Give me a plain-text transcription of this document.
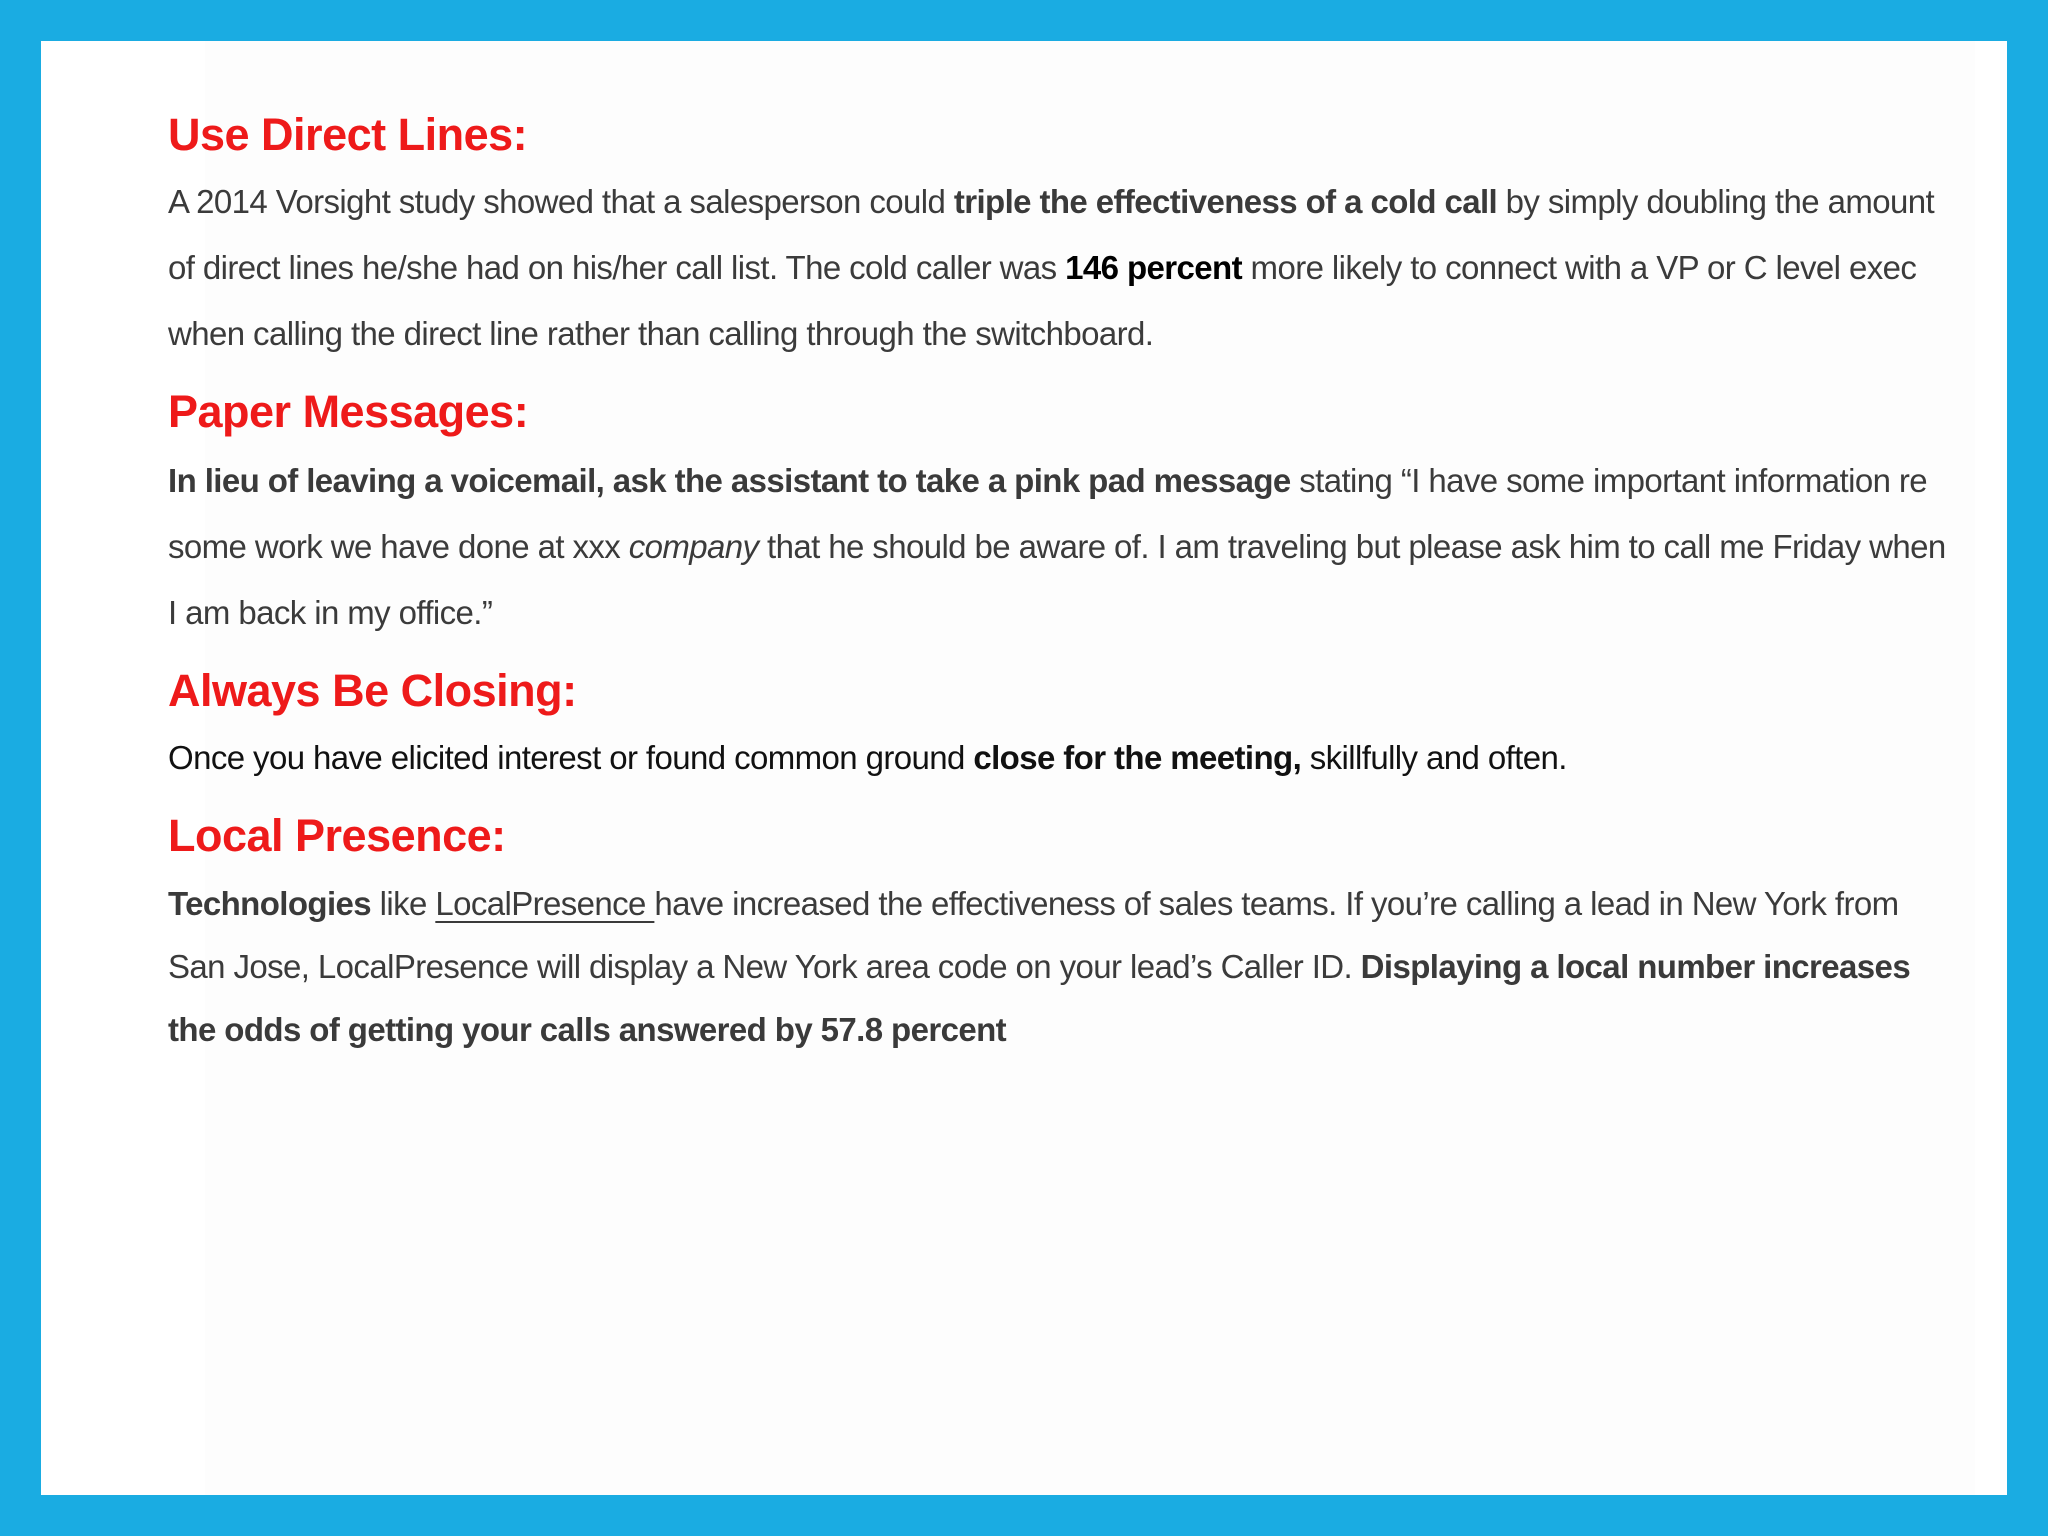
Use Direct Lines:

A 2014 Vorsight study showed that a salesperson could triple the effectiveness of a cold call by simply doubling the amount of direct lines he/she had on his/her call list. The cold caller was 146 percent more likely to connect with a VP or C level exec when calling the direct line rather than calling through the switchboard.

Paper Messages:

In lieu of leaving a voicemail, ask the assistant to take a pink pad message stating “I have some important information re some work we have done at xxx company that he should be aware of. I am traveling but please ask him to call me Friday when I am back in my office.”

Always Be Closing:

Once you have elicited interest or found common ground close for the meeting, skillfully and often.

Local Presence:

Technologies like LocalPresence have increased the effectiveness of sales teams. If you’re calling a lead in New York from San Jose, LocalPresence will display a New York area code on your lead’s Caller ID. Displaying a local number increases the odds of getting your calls answered by 57.8 percent
